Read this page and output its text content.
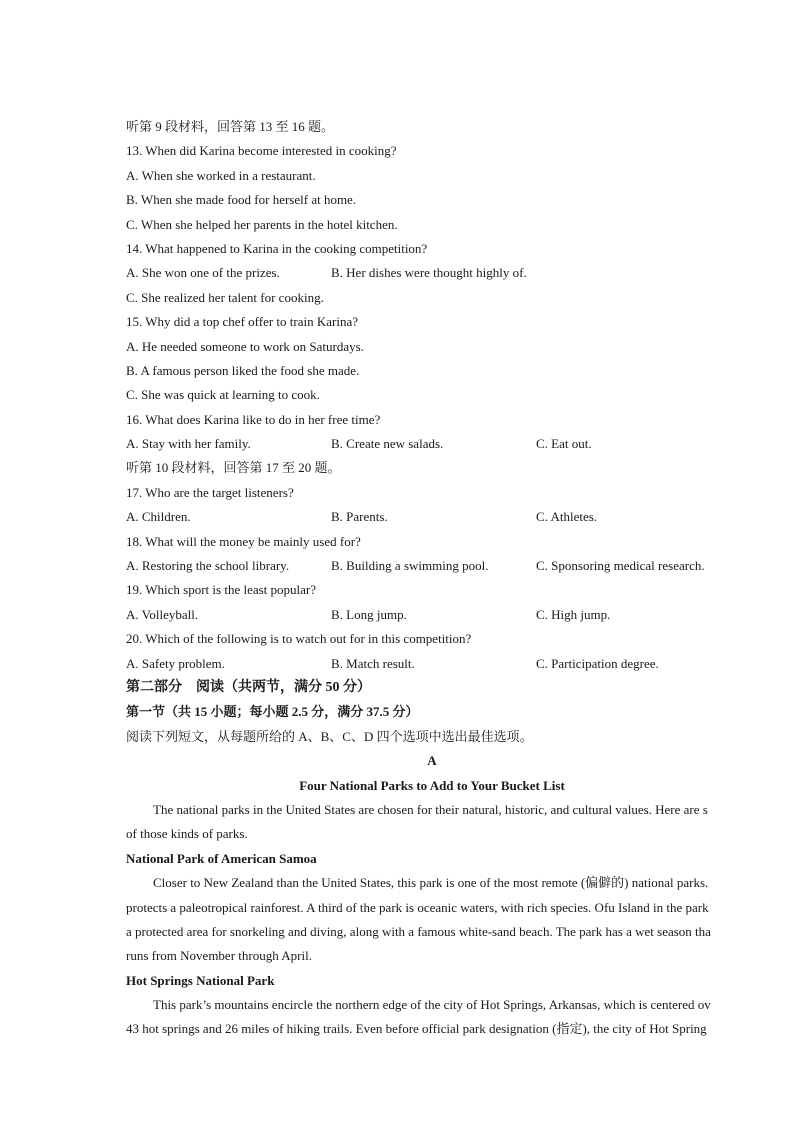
听第 9 段材料，回答第 13 至 16 题。
13. When did Karina become interested in cooking?
A. When she worked in a restaurant.
B. When she made food for herself at home.
C. When she helped her parents in the hotel kitchen.
14. What happened to Karina in the cooking competition?
A. She won one of the prizes.	B. Her dishes were thought highly of.
C. She realized her talent for cooking.
15. Why did a top chef offer to train Karina?
A. He needed someone to work on Saturdays.
B. A famous person liked the food she made.
C. She was quick at learning to cook.
16. What does Karina like to do in her free time?
A. Stay with her family.	B. Create new salads.	C. Eat out.
听第 10 段材料，回答第 17 至 20 题。
17. Who are the target listeners?
A. Children.	B. Parents.	C. Athletes.
18. What will the money be mainly used for?
A. Restoring the school library.	B. Building a swimming pool.	C. Sponsoring medical research.
19. Which sport is the least popular?
A. Volleyball.	B. Long jump.	C. High jump.
20. Which of the following is to watch out for in this competition?
A. Safety problem.	B. Match result.	C. Participation degree.
第二部分　阅读（共两节，满分 50 分）
第一节（共 15 小题；每小题 2.5 分，满分 37.5 分）
阅读下列短文，从每题所给的 A、B、C、D 四个选项中选出最佳选项。
A
Four National Parks to Add to Your Bucket List
The national parks in the United States are chosen for their natural, historic, and cultural values. Here are s
of those kinds of parks.
National Park of American Samoa
Closer to New Zealand than the United States, this park is one of the most remote (偏僻的) national parks.
protects a paleotropical rainforest. A third of the park is oceanic waters, with rich species. Ofu Island in the park
a protected area for snorkeling and diving, along with a famous white-sand beach. The park has a wet season tha
runs from November through April.
Hot Springs National Park
This park’s mountains encircle the northern edge of the city of Hot Springs, Arkansas, which is centered ov
43 hot springs and 26 miles of hiking trails. Even before official park designation (指定), the city of Hot Spring
